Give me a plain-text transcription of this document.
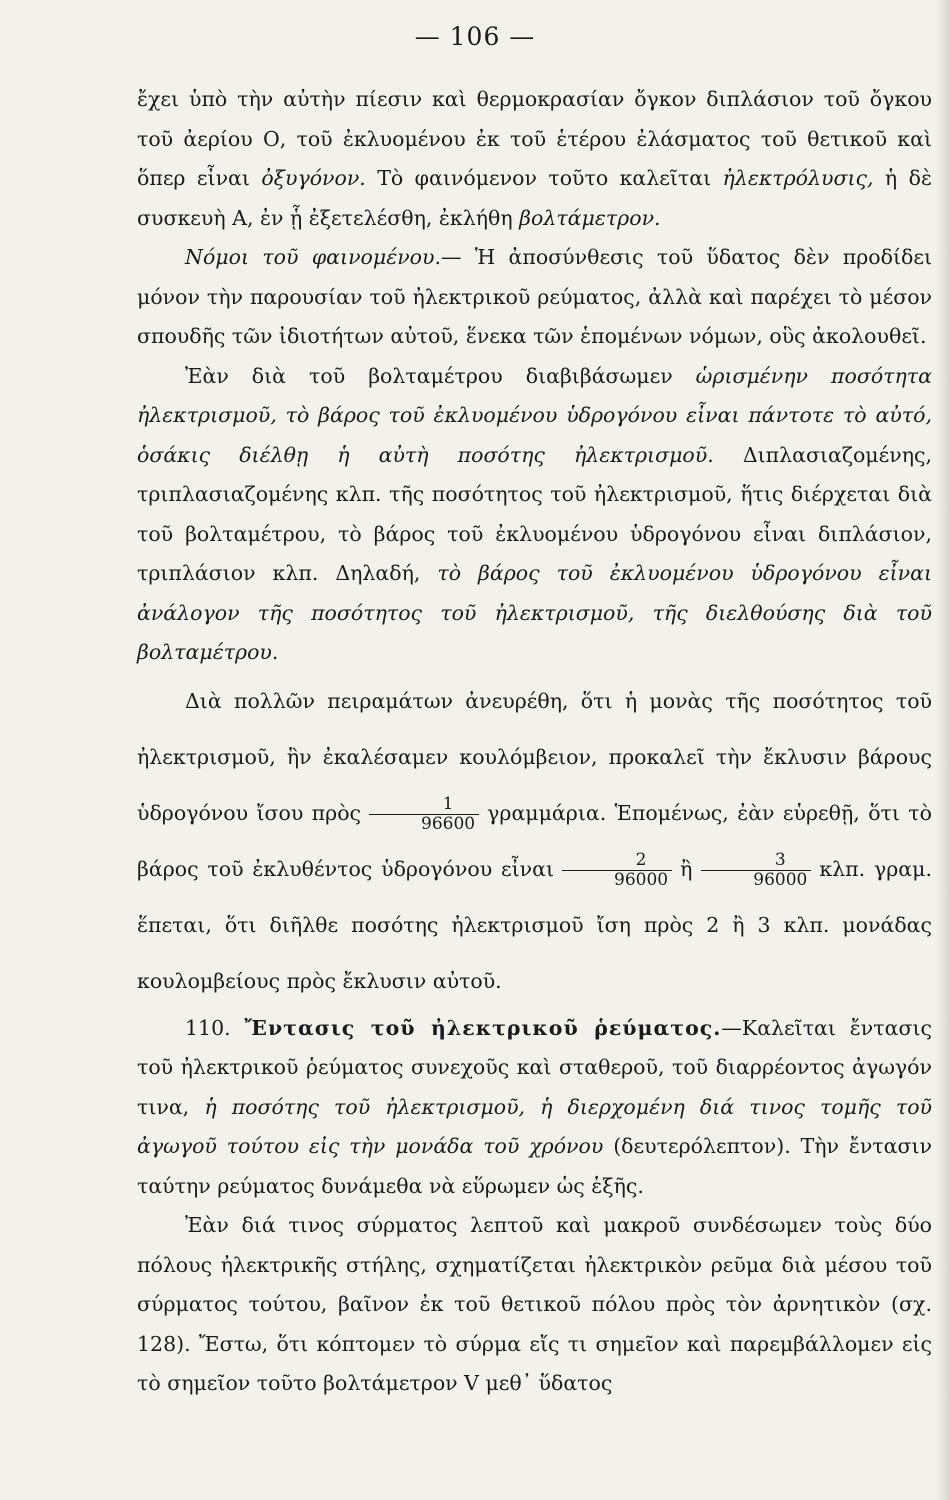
— 106 —

ἔχει ὑπὸ τὴν αὐτὴν πίεσιν καὶ θερμοκρασίαν ὄγκον διπλάσιον τοῦ ὄγκου τοῦ ἀερίου Ο, τοῦ ἐκλυομένου ἐκ τοῦ ἑτέρου ἐλάσματος τοῦ θετικοῦ καὶ ὅπερ εἶναι ὀξυγόνον. Τὸ φαινόμενον τοῦτο καλεῖται ἠλεκτρόλυσις, ἡ δὲ συσκευὴ Α, ἐν ᾗ ἐξετελέσθη, ἐκλήθη βολτάμετρον.

Νόμοι τοῦ φαινομένου.— Ἡ ἀποσύνθεσις τοῦ ὕδατος δὲν προδίδει μόνον τὴν παρουσίαν τοῦ ἠλεκτρικοῦ ρεύματος, ἀλλὰ καὶ παρέχει τὸ μέσον σπουδῆς τῶν ἰδιοτήτων αὐτοῦ, ἕνεκα τῶν ἑπομένων νόμων, οὓς ἀκολουθεῖ.

Ἐὰν διὰ τοῦ βολταμέτρου διαβιβάσωμεν ὡρισμένην ποσότητα ἠλεκτρισμοῦ, τὸ βάρος τοῦ ἐκλυομένου ὑδρογόνου εἶναι πάντοτε τὸ αὐτό, ὁσάκις διέλθῃ ἡ αὐτὴ ποσότης ἠλεκτρισμοῦ. Διπλασιαζομένης, τριπλασιαζομένης κλπ. τῆς ποσότητος τοῦ ἠλεκτρισμοῦ, ἥτις διέρχεται διὰ τοῦ βολταμέτρου, τὸ βάρος τοῦ ἐκλυομένου ὑδρογόνου εἶναι διπλάσιον, τριπλάσιον κλπ. Δηλαδή, τὸ βάρος τοῦ ἐκλυομένου ὑδρογόνου εἶναι ἀνάλογον τῆς ποσότητος τοῦ ἠλεκτρισμοῦ, τῆς διελθούσης διὰ τοῦ βολταμέτρου.

Διὰ πολλῶν πειραμάτων ἀνευρέθη, ὅτι ἡ μονὰς τῆς ποσότητος τοῦ ἠλεκτρισμοῦ, ἣν ἐκαλέσαμεν κουλόμβειον, προκαλεῖ τὴν ἔκλυσιν βάρους ὑδρογόνου ἴσου πρὸς $\frac{1}{96600} \gamma\rho\alpha\mu\mu ά\rho\iota\alpha$. Ἑπομένως, ἐὰν εὑρεθῇ, ὅτι τὸ βάρος τοῦ ἐκλυθέντος ὑδρογόνου εἶναι $\frac{2}{96000}$ ἢ $\frac{3}{96000} \kappa\lambda\pi$. γραμ. ἕπεται, ὅτι διῆλθε ποσότης ἠλεκτρισμοῦ ἴση πρὸς 2 ἢ 3 κλπ. μονάδας κουλομβείους πρὸς ἔκλυσιν αὐτοῦ.

110. Ἔντασις τοῦ ἠλεκτρικοῦ ῥεύματος.—Καλεῖται ἔντασις τοῦ ἠλεκτρικοῦ ῥεύματος συνεχοῦς καὶ σταθεροῦ, τοῦ διαρρέοντος ἀγωγόν τινα, ἡ ποσότης τοῦ ἠλεκτρισμοῦ, ἡ διερχομένη διά τινος τομῆς τοῦ ἀγωγοῦ τούτου εἰς τὴν μονάδα τοῦ χρόνου (δευτερόλεπτον). Τὴν ἔντασιν ταύτην ρεύματος δυνάμεθα νὰ εὕρωμεν ὡς ἑξῆς.

Ἐὰν διά τινος σύρματος λεπτοῦ καὶ μακροῦ συνδέσωμεν τοὺς δύο πόλους ἠλεκτρικῆς στήλης, σχηματίζεται ἠλεκτρικὸν ρεῦμα διὰ μέσου τοῦ σύρματος τούτου, βαῖνον ἐκ τοῦ θετικοῦ πόλου πρὸς τὸν ἀρνητικὸν (σχ. 128). Ἔστω, ὅτι κόπτομεν τὸ σύρμα εἴς τι σημεῖον καὶ παρεμβάλλομεν εἰς τὸ σημεῖον τοῦτο βολτάμετρον V μεθ᾽ ὕδατος
